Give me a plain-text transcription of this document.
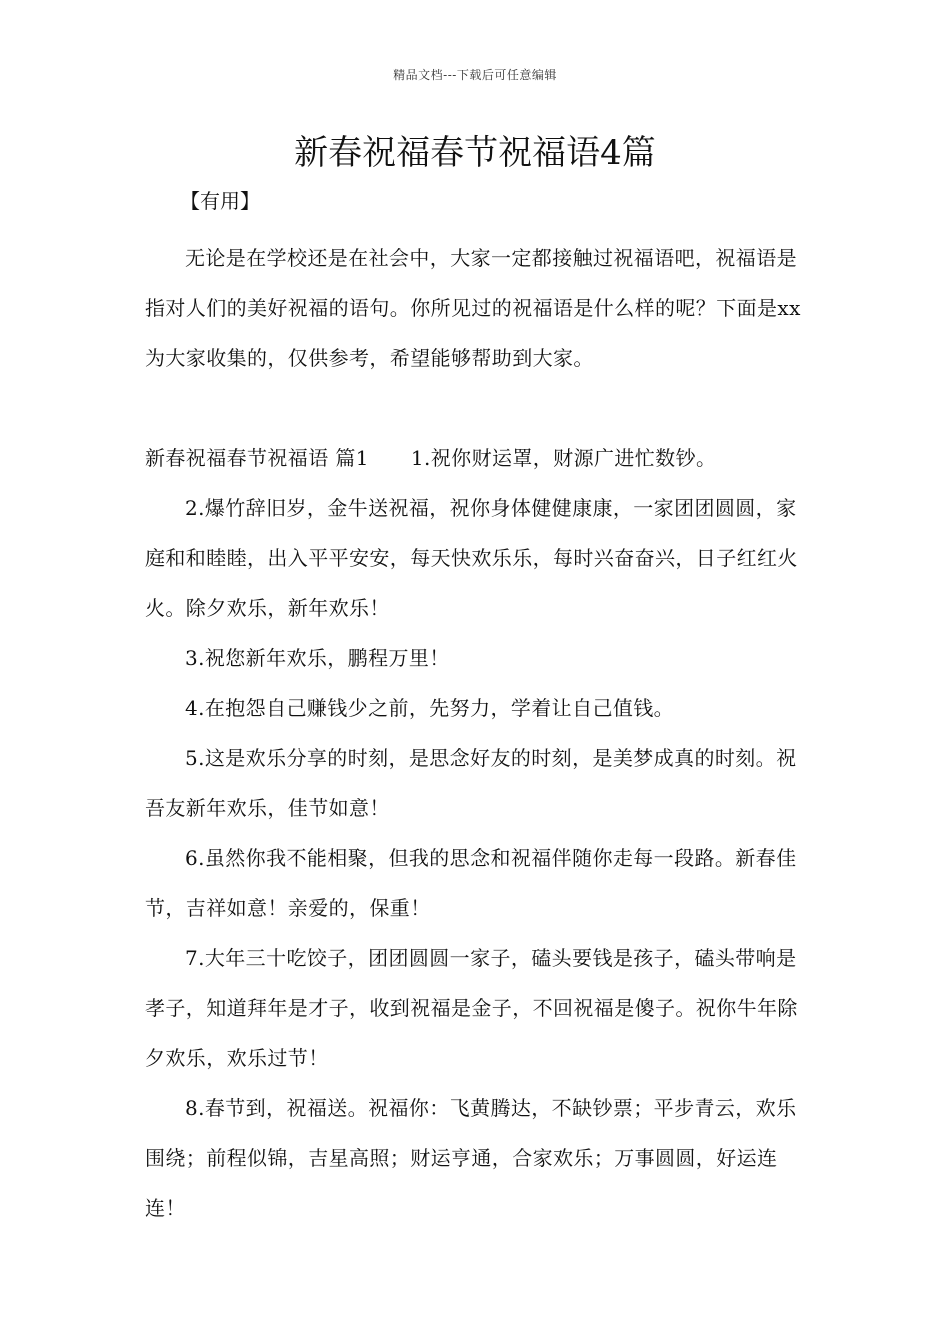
精品文档---下载后可任意编辑
新春祝福春节祝福语4篇
【有用】

无论是在学校还是在社会中，大家一定都接触过祝福语吧，祝福语是指对人们的美好祝福的语句。你所见过的祝福语是什么样的呢？下面是xx为大家收集的，仅供参考，希望能够帮助到大家。

新春祝福春节祝福语 篇1 1.祝你财运罩，财源广进忙数钞。

2.爆竹辞旧岁，金牛送祝福，祝你身体健健康康，一家团团圆圆，家庭和和睦睦，出入平平安安，每天快欢乐乐，每时兴奋奋兴，日子红红火火。除夕欢乐，新年欢乐！

3.祝您新年欢乐，鹏程万里！

4.在抱怨自己赚钱少之前，先努力，学着让自己值钱。

5.这是欢乐分享的时刻，是思念好友的时刻，是美梦成真的时刻。祝吾友新年欢乐，佳节如意！

6.虽然你我不能相聚，但我的思念和祝福伴随你走每一段路。新春佳节，吉祥如意！亲爱的，保重！

7.大年三十吃饺子，团团圆圆一家子，磕头要钱是孩子，磕头带响是孝子，知道拜年是才子，收到祝福是金子，不回祝福是傻子。祝你牛年除夕欢乐，欢乐过节！

8.春节到，祝福送。祝福你：飞黄腾达，不缺钞票；平步青云，欢乐围绕；前程似锦，吉星高照；财运亨通，合家欢乐；万事圆圆，好运连连！
